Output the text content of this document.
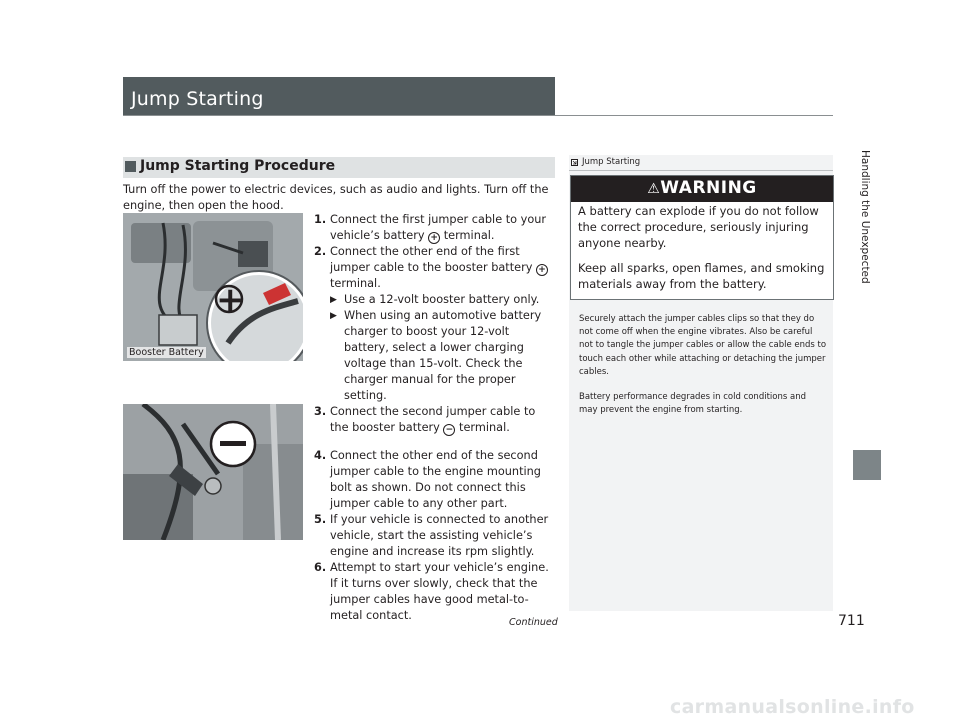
Jump Starting
Jump Starting Procedure
Turn off the power to electric devices, such as audio and lights. Turn off the engine, then open the hood.
+
Booster Battery
1. Connect the first jumper cable to your vehicle’s battery + terminal.
2. Connect the other end of the first jumper cable to the booster battery + terminal.
▶ Use a 12-volt booster battery only.
▶ When using an automotive battery charger to boost your 12-volt battery, select a lower charging voltage than 15-volt. Check the charger manual for the proper setting.
3. Connect the second jumper cable to the booster battery − terminal.
4. Connect the other end of the second jumper cable to the engine mounting bolt as shown. Do not connect this jumper cable to any other part.
5. If your vehicle is connected to another vehicle, start the assisting vehicle’s engine and increase its rpm slightly.
6. Attempt to start your vehicle’s engine. If it turns over slowly, check that the jumper cables have good metal-to-metal contact.
Jump Starting
⚠WARNING
A battery can explode if you do not follow the correct procedure, seriously injuring anyone nearby.
Keep all sparks, open flames, and smoking materials away from the battery.
Securely attach the jumper cables clips so that they do not come off when the engine vibrates. Also be careful not to tangle the jumper cables or allow the cable ends to touch each other while attaching or detaching the jumper cables.
Battery performance degrades in cold conditions and may prevent the engine from starting.
Handling the Unexpected
Continued	711
carmanualsonline.info
